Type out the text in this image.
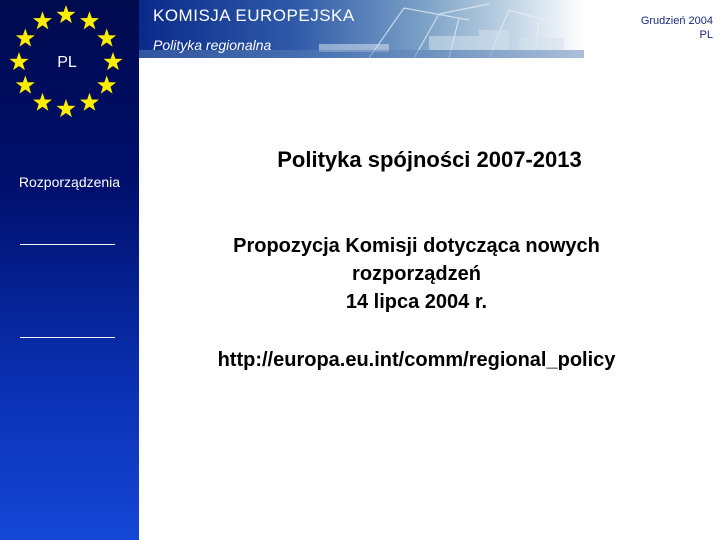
PL
KOMISJA EUROPEJSKA
Polityka regionalna
Grudzień 2004
PL
Rozporządzenia
Polityka spójności 2007-2013
Propozycja Komisji dotycząca nowych
rozporządzeń
14 lipca 2004 r.
http://europa.eu.int/comm/regional_policy
